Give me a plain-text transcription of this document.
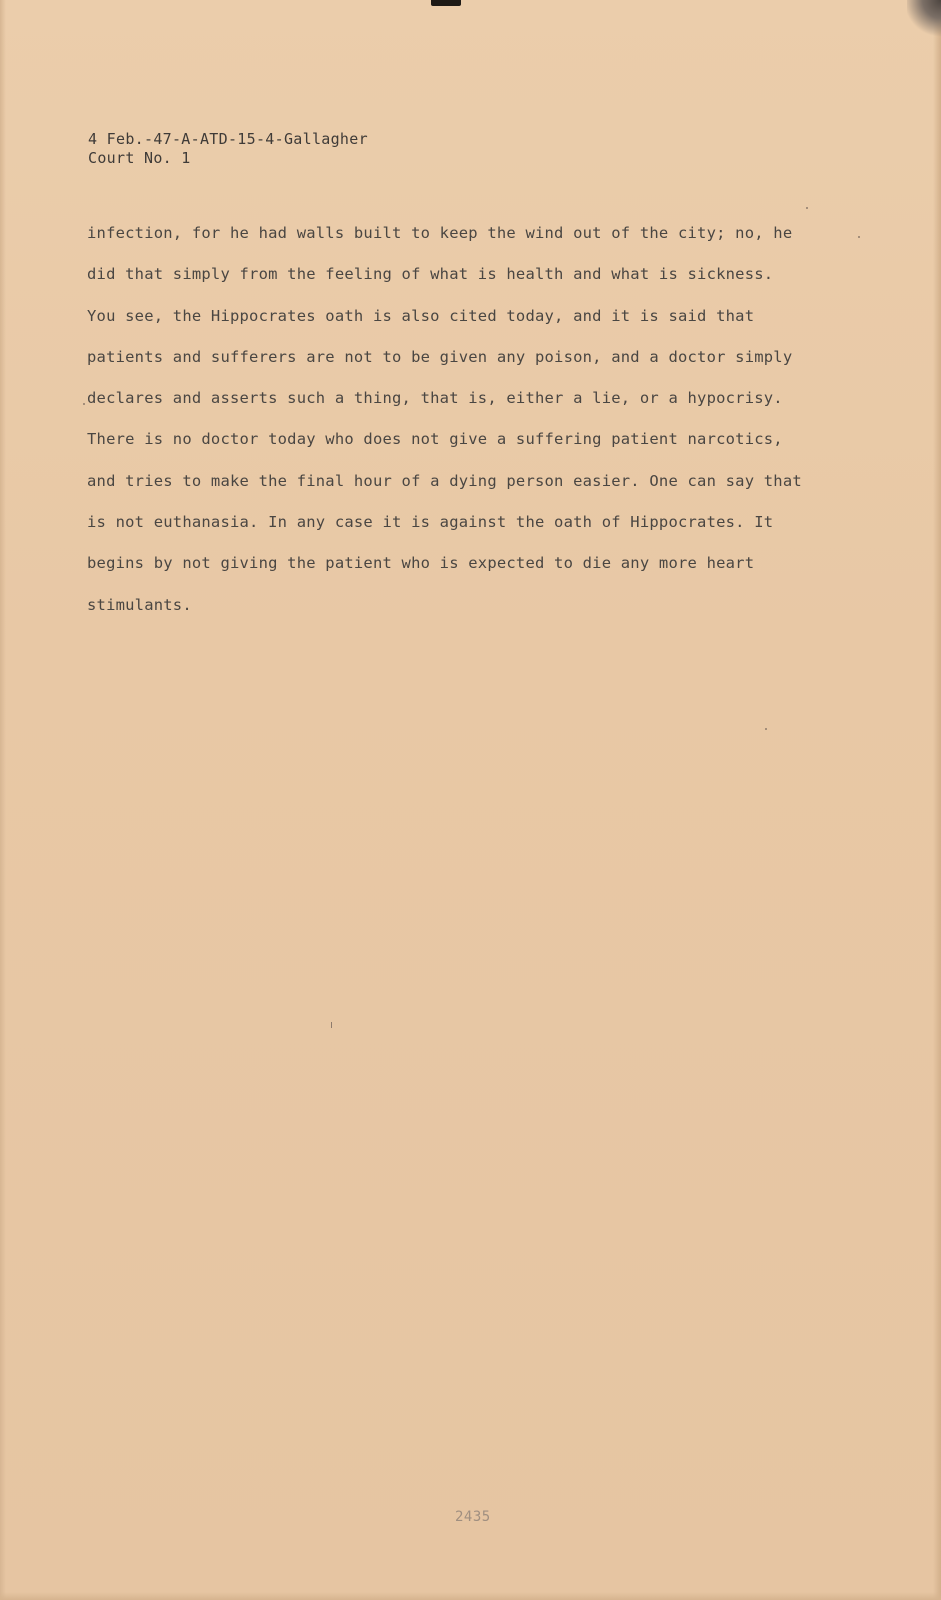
4 Feb.-47-A-ATD-15-4-Gallagher
Court No. 1
infection, for he had walls built to keep the wind out of the city; no, he
did that simply from the feeling of what is health and what is sickness.
You see, the Hippocrates oath is also cited today, and it is said that
patients and sufferers are not to be given any poison, and a doctor simply
declares and asserts such a thing, that is, either a lie, or a hypocrisy.
There is no doctor today who does not give a suffering patient narcotics,
and tries to make the final hour of a dying person easier. One can say that
is not euthanasia. In any case it is against the oath of Hippocrates. It
begins by not giving the patient who is expected to die any more heart
stimulants.
2435
